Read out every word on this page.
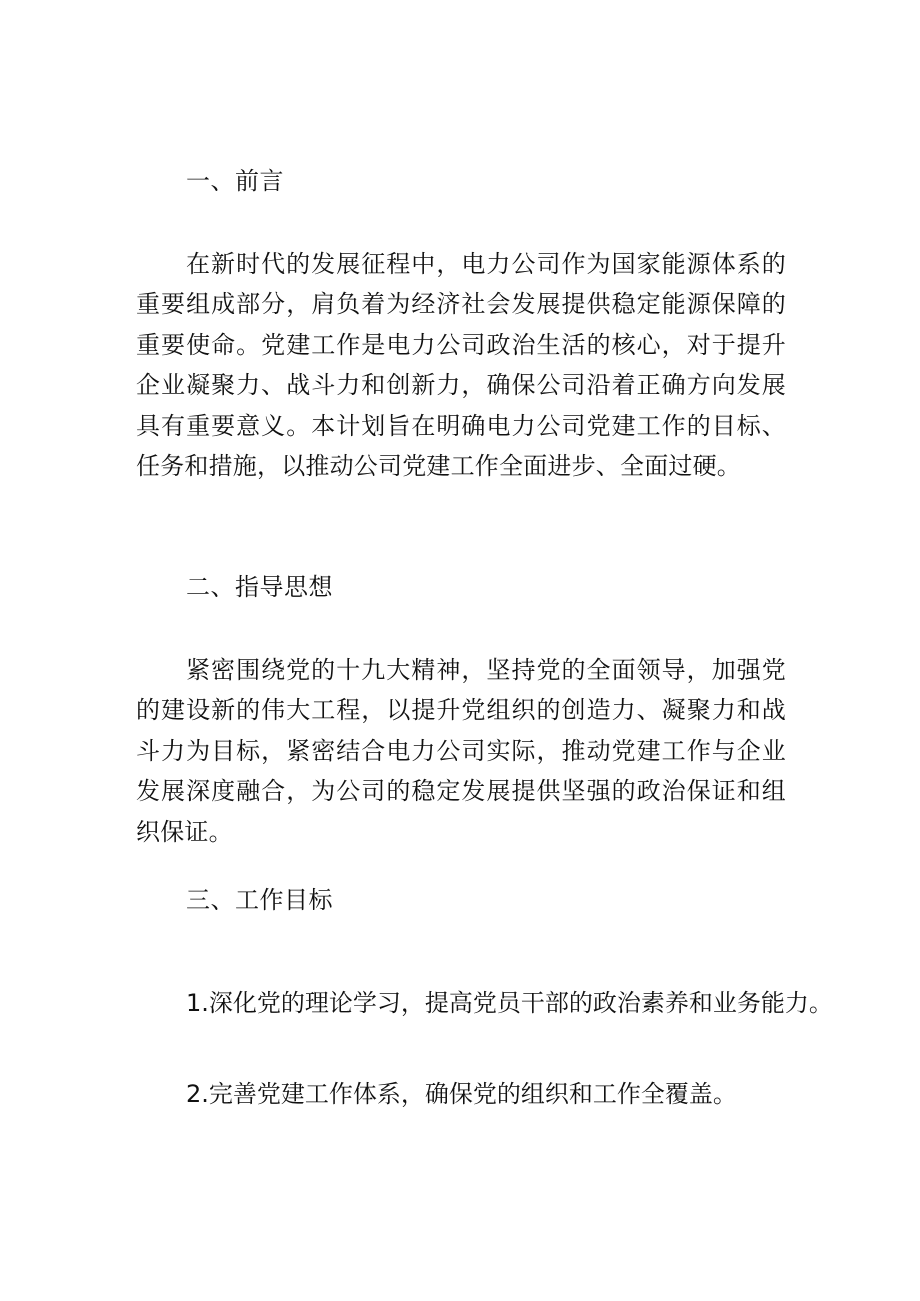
一、前言
在新时代的发展征程中，电力公司作为国家能源体系的重要组成部分，肩负着为经济社会发展提供稳定能源保障的重要使命。党建工作是电力公司政治生活的核心，对于提升企业凝聚力、战斗力和创新力，确保公司沿着正确方向发展具有重要意义。本计划旨在明确电力公司党建工作的目标、任务和措施，以推动公司党建工作全面进步、全面过硬。
二、指导思想
紧密围绕党的十九大精神，坚持党的全面领导，加强党的建设新的伟大工程，以提升党组织的创造力、凝聚力和战斗力为目标，紧密结合电力公司实际，推动党建工作与企业发展深度融合，为公司的稳定发展提供坚强的政治保证和组织保证。
三、工作目标
1.深化党的理论学习，提高党员干部的政治素养和业务能力。
2.完善党建工作体系，确保党的组织和工作全覆盖。
